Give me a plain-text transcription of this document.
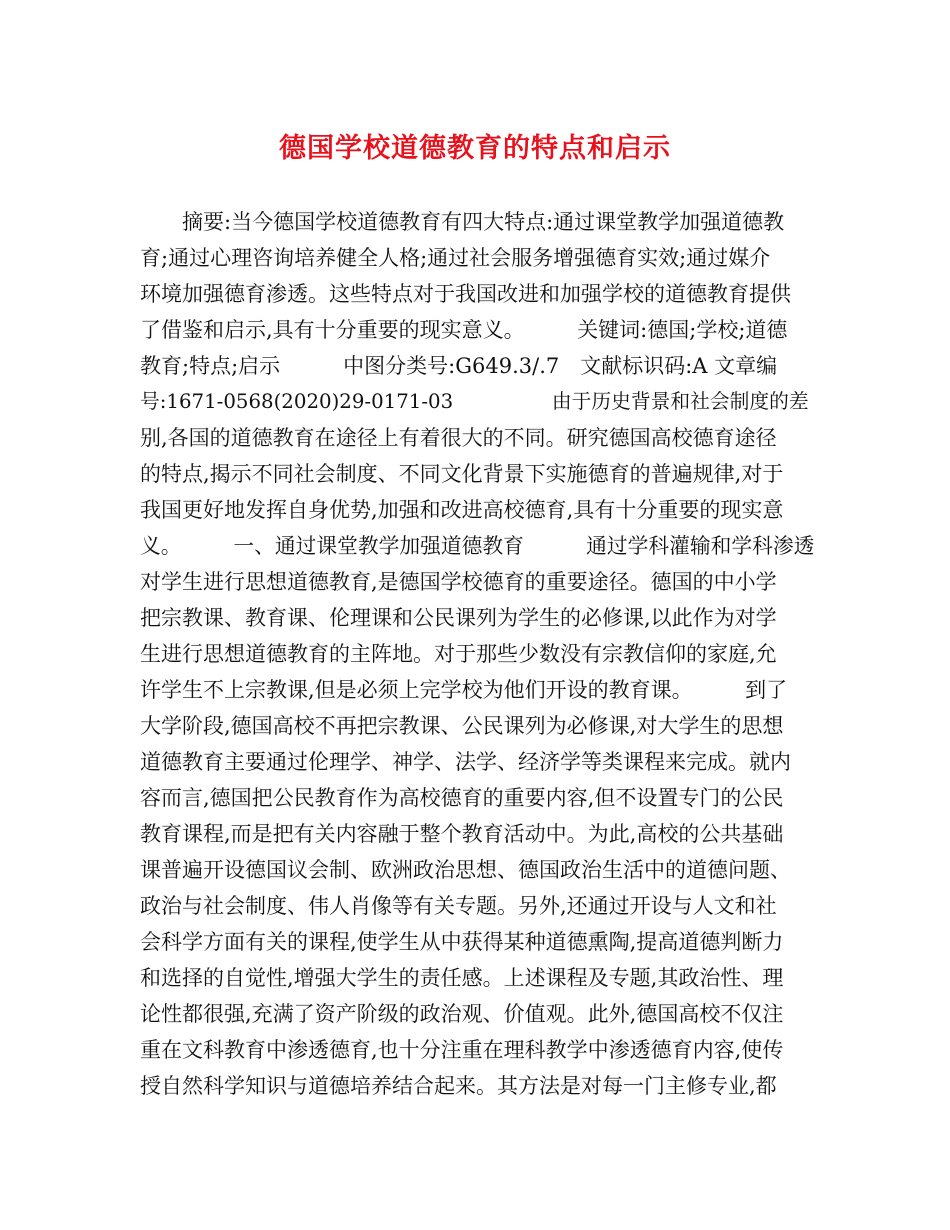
德国学校道德教育的特点和启示
　　摘要:当今德国学校道德教育有四大特点:通过课堂教学加强道德教
育;通过心理咨询培养健全人格;通过社会服务增强德育实效;通过媒介
环境加强德育渗透。这些特点对于我国改进和加强学校的道德教育提供
了借鉴和启示,具有十分重要的现实意义。　　　关键词:德国;学校;道德
教育;特点;启示　　　中图分类号:G649.3/.7　文献标识码:A 文章编
号:1671-0568(2020)29-0171-03　　　　　由于历史背景和社会制度的差
别,各国的道德教育在途径上有着很大的不同。研究德国高校德育途径
的特点,揭示不同社会制度、不同文化背景下实施德育的普遍规律,对于
我国更好地发挥自身优势,加强和改进高校德育,具有十分重要的现实意
义。　　　一、通过课堂教学加强道德教育　　　通过学科灌输和学科渗透
对学生进行思想道德教育,是德国学校德育的重要途径。德国的中小学
把宗教课、教育课、伦理课和公民课列为学生的必修课,以此作为对学
生进行思想道德教育的主阵地。对于那些少数没有宗教信仰的家庭,允
许学生不上宗教课,但是必须上完学校为他们开设的教育课。　　　到了
大学阶段,德国高校不再把宗教课、公民课列为必修课,对大学生的思想
道德教育主要通过伦理学、神学、法学、经济学等类课程来完成。就内
容而言,德国把公民教育作为高校德育的重要内容,但不设置专门的公民
教育课程,而是把有关内容融于整个教育活动中。为此,高校的公共基础
课普遍开设德国议会制、欧洲政治思想、德国政治生活中的道德问题、
政治与社会制度、伟人肖像等有关专题。另外,还通过开设与人文和社
会科学方面有关的课程,使学生从中获得某种道德熏陶,提高道德判断力
和选择的自觉性,增强大学生的责任感。上述课程及专题,其政治性、理
论性都很强,充满了资产阶级的政治观、价值观。此外,德国高校不仅注
重在文科教育中渗透德育,也十分注重在理科教学中渗透德育内容,使传
授自然科学知识与道德培养结合起来。其方法是对每一门主修专业,都
